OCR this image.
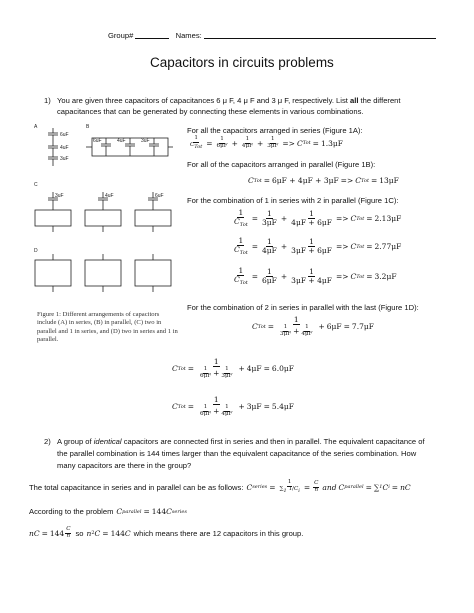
Group#	Names:
Capacitors in circuits problems
1) You are given three capacitors of capacitances 6 μ F, 4 μ F and 3 μ F, respectively. List all the different
capacitances that can be generated by connecting these elements in various combinations.
A	B
C
D
6uF
4uF
3uF
6uF	4uF	3uF
3uF	4uF	6uF
Figure 1: Different arrangements of capacitors include (A) in series, (B) in parallel, (C) two in parallel and 1 in series, and (D) two in series and 1 in parallel.
For all the capacitors arranged in series (Figure 1A):
$\frac{1}{\text{CTot}} = \frac{1}{6\mu F} + \frac{1}{4\mu F} + \frac{1}{3\mu F} => C$ Tot = 1.3μF
For all of the capacitors arranged in parallel (Figure 1B):
C Tot = 6μF + 4μF + 3μF => C Tot = 13μF
For the combination of 1 in series with 2 in parallel (Figure 1C):
$\frac{1}{C_{Tot}} = \frac{1}{3\mu F} + \frac{1}{4\mu F + 6\mu F} => C$ Tot = 2.13μF
$\frac{1}{C_{Tot}} = \frac{1}{4\mu F} + \frac{1}{3\mu F + 6\mu F} => C$ Tot = 2.77μF
$\frac{1}{C_{Tot}} = \frac{1}{6\mu F} + \frac{1}{3\mu F + 4\mu F} => C$ Tot = 3.2μF
For the combination of 2 in series in parallel with the last (Figure 1D):
C Tot = $\frac{1}{\frac{1}{3\mu F} + \frac{1}{4\mu F}} + 6\mu F = 7.7\mu F$
C Tot = $\frac{1}{\frac{1}{6\mu F} + \frac{1}{3\mu F}} + 4\mu F = 6.0\mu F$
C Tot = $\frac{1}{\frac{1}{6\mu F} + \frac{1}{4\mu F}} + 3\mu F = 5.4\mu F$
2) A group of identical capacitors are connected first in series and then in parallel. The equivalent capacitance of
the parallel combination is 144 times larger than the equivalent capacitance of the series combination. How
many capacitors are there in the group?
The total capacitance in series and in parallel can be as follows: C series = $\frac{1}{\sum 1 1/Ci} = \frac{C}{n}$ and C parallel = ∑ 1 C i = nC
According to the problem C parallel = 144 C series
nC = $144 \frac{C}{n}$ so n 2 C = 144 C which means there are 12 capacitors in this group.
